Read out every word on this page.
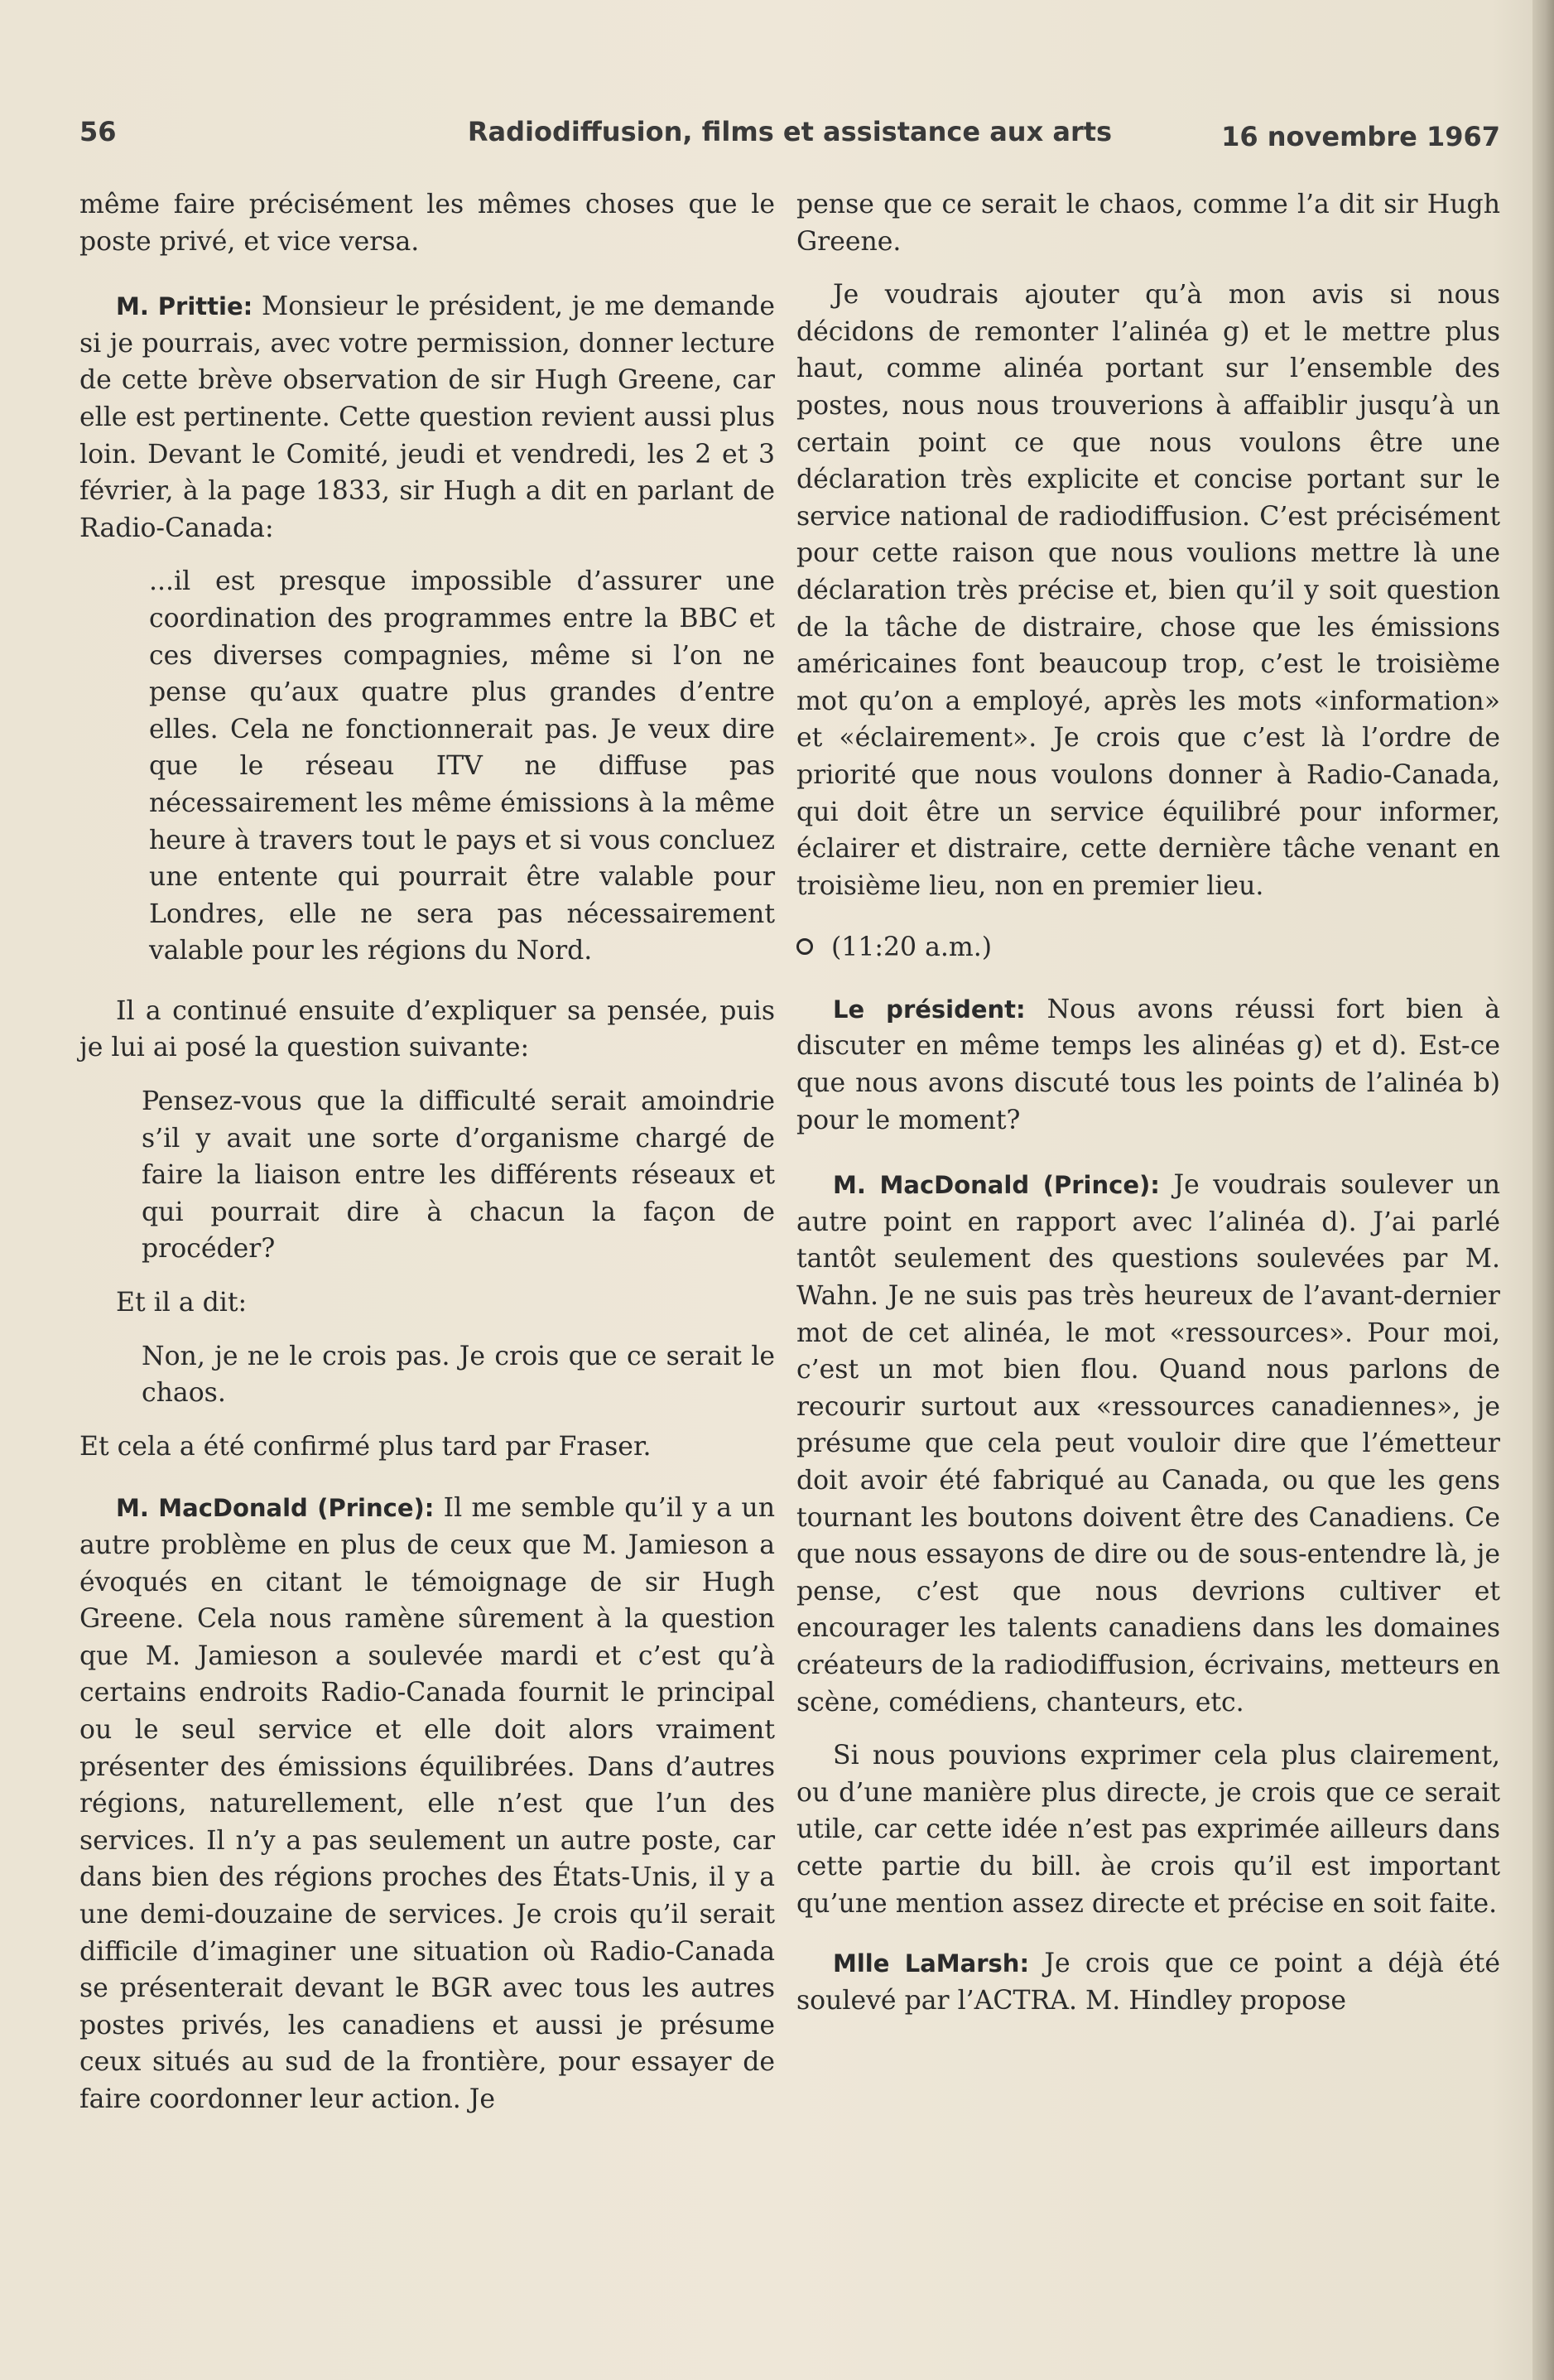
56	Radiodiffusion, films et assistance aux arts	16 novembre 1967

même faire précisément les mêmes choses que le poste privé, et vice versa.

M. Prittie: Monsieur le président, je me demande si je pourrais, avec votre permission, donner lecture de cette brève observation de sir Hugh Greene, car elle est pertinente. Cette question revient aussi plus loin. Devant le Comité, jeudi et vendredi, les 2 et 3 février, à la page 1833, sir Hugh a dit en parlant de Radio-Canada:

...il est presque impossible d’assurer une coordination des programmes entre la BBC et ces diverses compagnies, même si l’on ne pense qu’aux quatre plus grandes d’entre elles. Cela ne fonctionnerait pas. Je veux dire que le réseau ITV ne diffuse pas nécessairement les même émissions à la même heure à travers tout le pays et si vous concluez une entente qui pourrait être valable pour Londres, elle ne sera pas nécessairement valable pour les régions du Nord.

Il a continué ensuite d’expliquer sa pensée, puis je lui ai posé la question suivante:

Pensez-vous que la difficulté serait amoindrie s’il y avait une sorte d’organisme chargé de faire la liaison entre les différents réseaux et qui pourrait dire à chacun la façon de procéder?

Et il a dit:

Non, je ne le crois pas. Je crois que ce serait le chaos.

Et cela a été confirmé plus tard par Fraser.

M. MacDonald (Prince): Il me semble qu’il y a un autre problème en plus de ceux que M. Jamieson a évoqués en citant le témoignage de sir Hugh Greene. Cela nous ramène sûrement à la question que M. Jamieson a soulevée mardi et c’est qu’à certains endroits Radio-Canada fournit le principal ou le seul service et elle doit alors vraiment présenter des émissions équilibrées. Dans d’autres régions, naturellement, elle n’est que l’un des services. Il n’y a pas seulement un autre poste, car dans bien des régions proches des États-Unis, il y a une demi-douzaine de services. Je crois qu’il serait difficile d’imaginer une situation où Radio-Canada se présenterait devant le BGR avec tous les autres postes privés, les canadiens et aussi je présume ceux situés au sud de la frontière, pour essayer de faire coordonner leur action. Je

pense que ce serait le chaos, comme l’a dit sir Hugh Greene.

Je voudrais ajouter qu’à mon avis si nous décidons de remonter l’alinéa g) et le mettre plus haut, comme alinéa portant sur l’ensemble des postes, nous nous trouverions à affaiblir jusqu’à un certain point ce que nous voulons être une déclaration très explicite et concise portant sur le service national de radiodiffusion. C’est précisément pour cette raison que nous voulions mettre là une déclaration très précise et, bien qu’il y soit question de la tâche de distraire, chose que les émissions américaines font beaucoup trop, c’est le troisième mot qu’on a employé, après les mots «information» et «éclairement». Je crois que c’est là l’ordre de priorité que nous voulons donner à Radio-Canada, qui doit être un service équilibré pour informer, éclairer et distraire, cette dernière tâche venant en troisième lieu, non en premier lieu.

(11:20 a.m.)

Le président: Nous avons réussi fort bien à discuter en même temps les alinéas g) et d). Est-ce que nous avons discuté tous les points de l’alinéa b) pour le moment?

M. MacDonald (Prince): Je voudrais soulever un autre point en rapport avec l’alinéa d). J’ai parlé tantôt seulement des questions soulevées par M. Wahn. Je ne suis pas très heureux de l’avant-dernier mot de cet alinéa, le mot «ressources». Pour moi, c’est un mot bien flou. Quand nous parlons de recourir surtout aux «ressources canadiennes», je présume que cela peut vouloir dire que l’émetteur doit avoir été fabriqué au Canada, ou que les gens tournant les boutons doivent être des Canadiens. Ce que nous essayons de dire ou de sous-entendre là, je pense, c’est que nous devrions cultiver et encourager les talents canadiens dans les domaines créateurs de la radiodiffusion, écrivains, metteurs en scène, comédiens, chanteurs, etc.

Si nous pouvions exprimer cela plus clairement, ou d’une manière plus directe, je crois que ce serait utile, car cette idée n’est pas exprimée ailleurs dans cette partie du bill. àe crois qu’il est important qu’une mention assez directe et précise en soit faite.

Mlle LaMarsh: Je crois que ce point a déjà été soulevé par l’ACTRA. M. Hindley propose
